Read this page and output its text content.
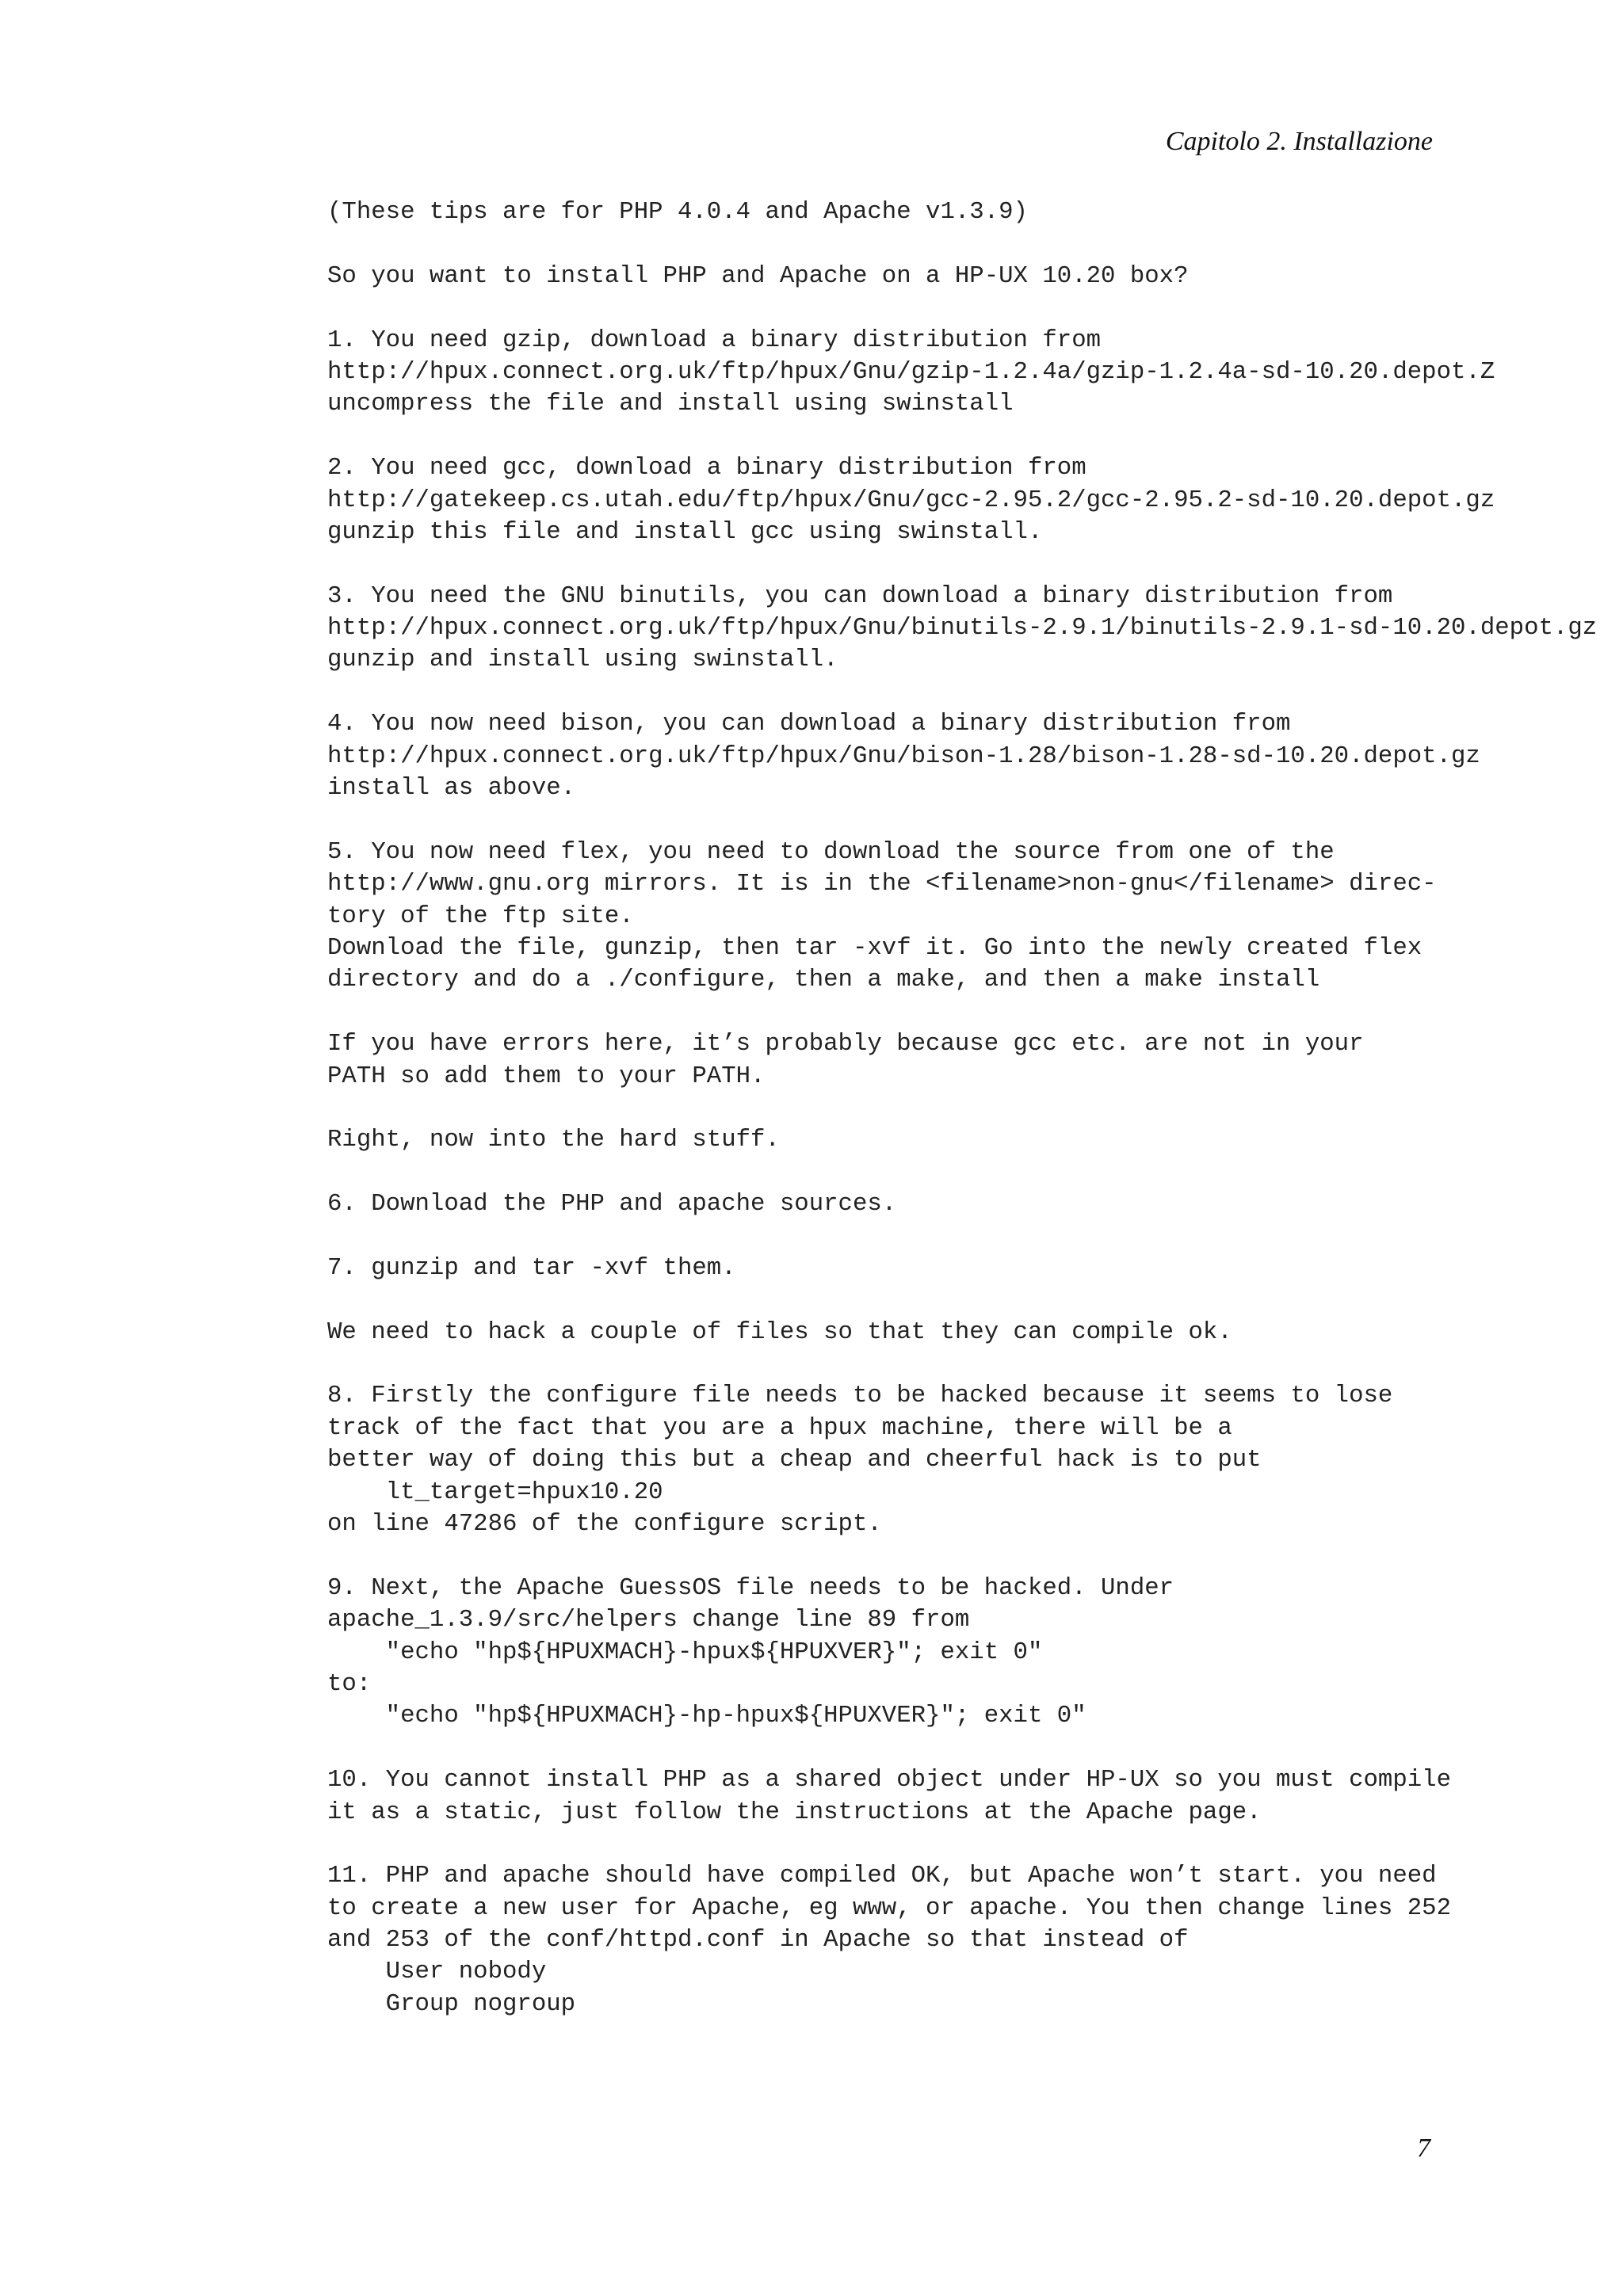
Capitolo 2. Installazione
(These tips are for PHP 4.0.4 and Apache v1.3.9)
So you want to install PHP and Apache on a HP-UX 10.20 box?
1. You need gzip, download a binary distribution from
http://hpux.connect.org.uk/ftp/hpux/Gnu/gzip-1.2.4a/gzip-1.2.4a-sd-10.20.depot.Z
uncompress the file and install using swinstall
2. You need gcc, download a binary distribution from
http://gatekeep.cs.utah.edu/ftp/hpux/Gnu/gcc-2.95.2/gcc-2.95.2-sd-10.20.depot.gz
gunzip this file and install gcc using swinstall.
3. You need the GNU binutils, you can download a binary distribution from
http://hpux.connect.org.uk/ftp/hpux/Gnu/binutils-2.9.1/binutils-2.9.1-sd-10.20.depot.gz
gunzip and install using swinstall.
4. You now need bison, you can download a binary distribution from
http://hpux.connect.org.uk/ftp/hpux/Gnu/bison-1.28/bison-1.28-sd-10.20.depot.gz
install as above.
5. You now need flex, you need to download the source from one of the
http://www.gnu.org mirrors. It is in the <filename>non-gnu</filename> direc-
tory of the ftp site.
Download the file, gunzip, then tar -xvf it. Go into the newly created flex
directory and do a ./configure, then a make, and then a make install
If you have errors here, it’s probably because gcc etc. are not in your
PATH so add them to your PATH.
Right, now into the hard stuff.
6. Download the PHP and apache sources.
7. gunzip and tar -xvf them.
We need to hack a couple of files so that they can compile ok.
8. Firstly the configure file needs to be hacked because it seems to lose
track of the fact that you are a hpux machine, there will be a
better way of doing this but a cheap and cheerful hack is to put
lt_target=hpux10.20
on line 47286 of the configure script.
9. Next, the Apache GuessOS file needs to be hacked. Under
apache_1.3.9/src/helpers change line 89 from
"echo "hp${HPUXMACH}-hpux${HPUXVER}"; exit 0"
to:
"echo "hp${HPUXMACH}-hp-hpux${HPUXVER}"; exit 0"
10. You cannot install PHP as a shared object under HP-UX so you must compile
it as a static, just follow the instructions at the Apache page.
11. PHP and apache should have compiled OK, but Apache won’t start. you need
to create a new user for Apache, eg www, or apache. You then change lines 252
and 253 of the conf/httpd.conf in Apache so that instead of
User nobody
Group nogroup
7
